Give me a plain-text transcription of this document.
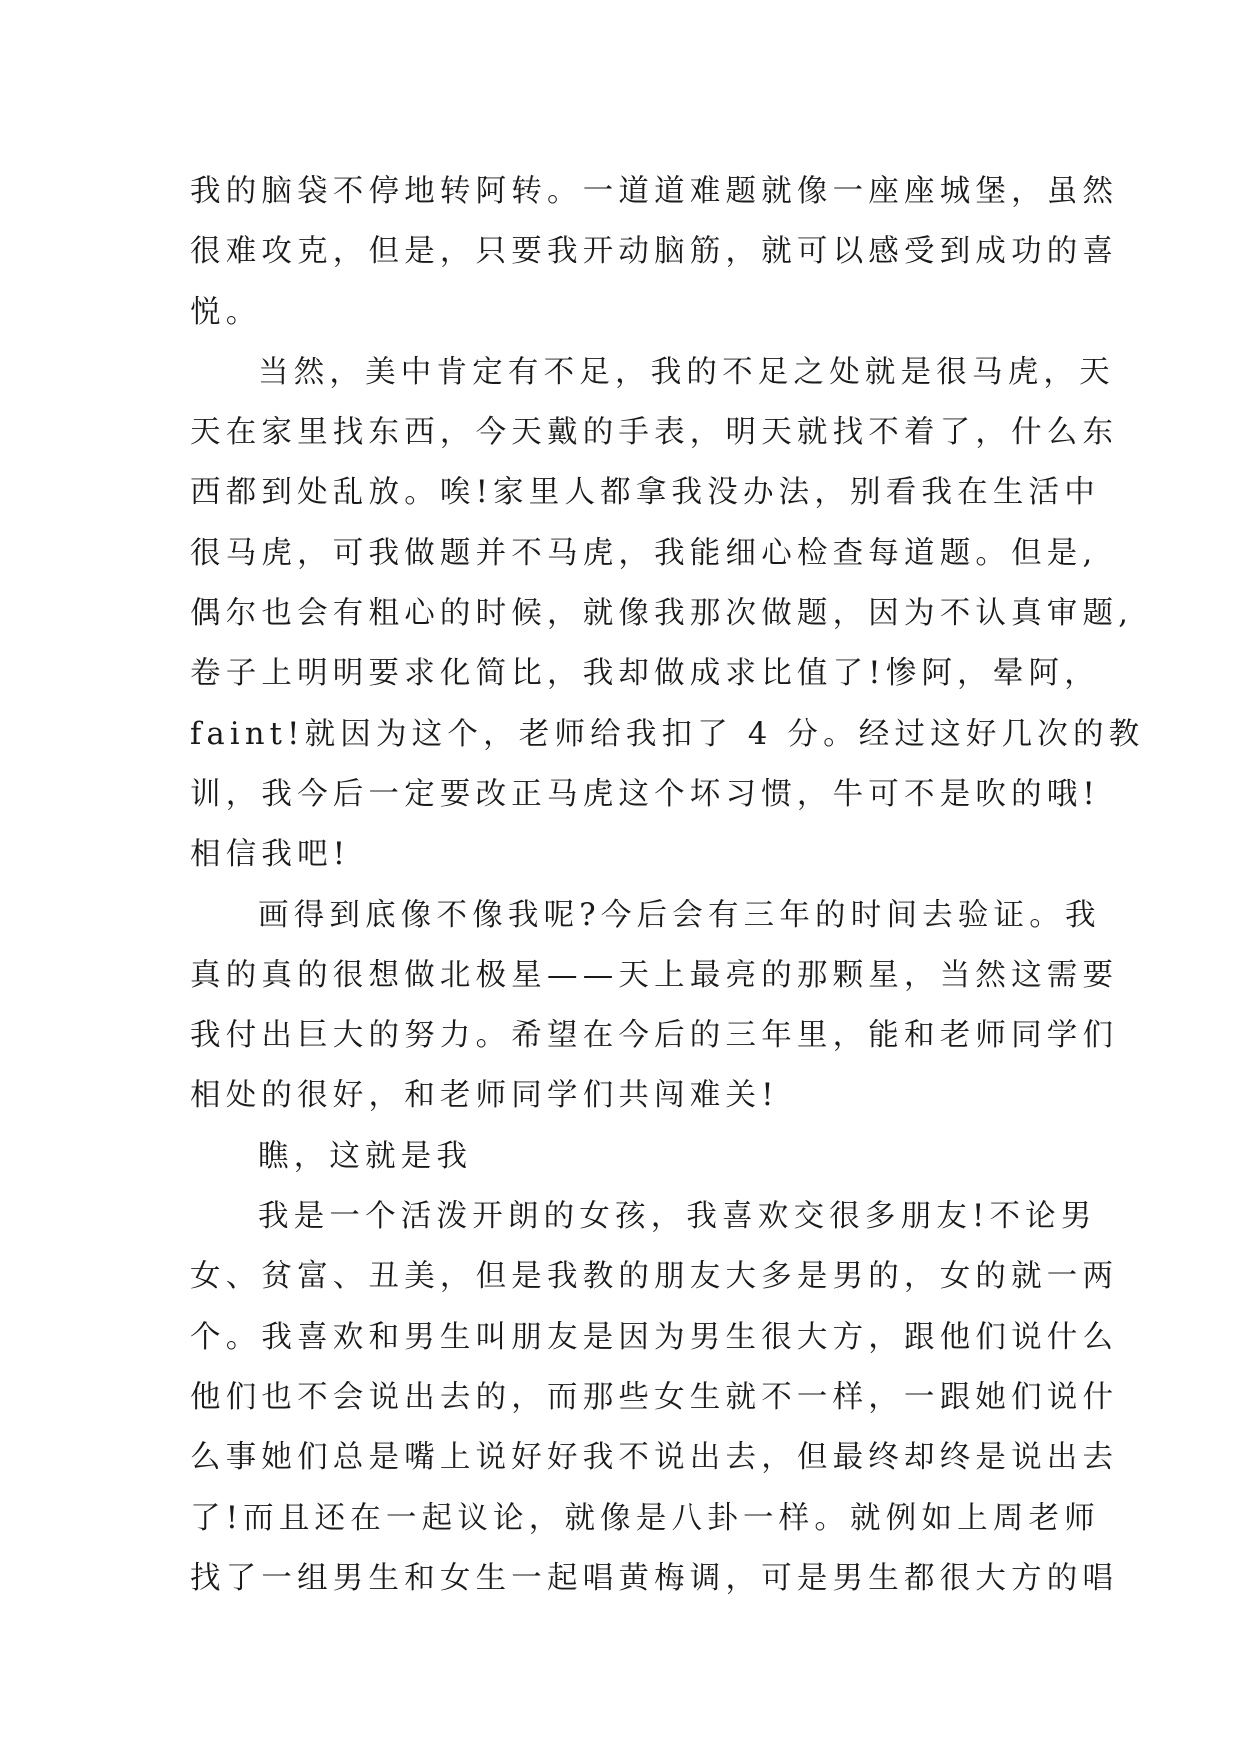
我的脑袋不停地转阿转。一道道难题就像一座座城堡，虽然
很难攻克，但是，只要我开动脑筋，就可以感受到成功的喜
悦。
当然，美中肯定有不足，我的不足之处就是很马虎，天
天在家里找东西，今天戴的手表，明天就找不着了，什么东
西都到处乱放。唉!家里人都拿我没办法，别看我在生活中
很马虎，可我做题并不马虎，我能细心检查每道题。但是,
偶尔也会有粗心的时候，就像我那次做题，因为不认真审题,
卷子上明明要求化简比，我却做成求比值了!惨阿，晕阿，
faint!就因为这个，老师给我扣了 4 分。经过这好几次的教
训，我今后一定要改正马虎这个坏习惯，牛可不是吹的哦!
相信我吧!
画得到底像不像我呢?今后会有三年的时间去验证。我
真的真的很想做北极星——天上最亮的那颗星，当然这需要
我付出巨大的努力。希望在今后的三年里，能和老师同学们
相处的很好，和老师同学们共闯难关!
瞧，这就是我
我是一个活泼开朗的女孩，我喜欢交很多朋友!不论男
女、贫富、丑美，但是我教的朋友大多是男的，女的就一两
个。我喜欢和男生叫朋友是因为男生很大方，跟他们说什么
他们也不会说出去的，而那些女生就不一样，一跟她们说什
么事她们总是嘴上说好好我不说出去，但最终却终是说出去
了!而且还在一起议论，就像是八卦一样。就例如上周老师
找了一组男生和女生一起唱黄梅调，可是男生都很大方的唱
